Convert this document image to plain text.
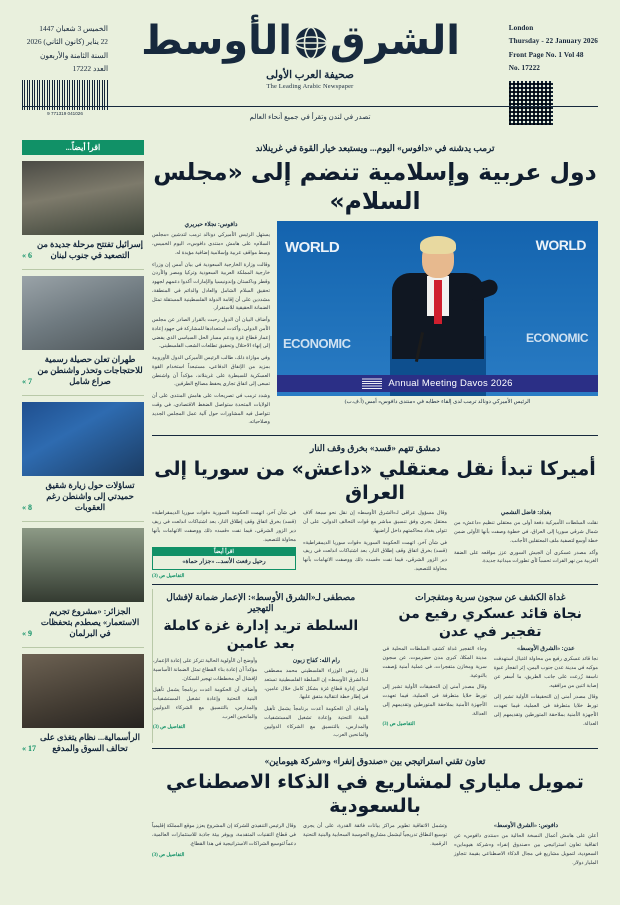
London
Thursday - 22 January 2026
Front Page No. 1 Vol 48
No. 17222
الخميس 3 شعبان 1447
22 يناير (كانون الثاني) 2026
السنة الثامنة والأربعون
العدد 17222
9 771319 041026
الشرقالأوسط
صحيفة العرب الأولى
The Leading Arabic Newspaper
تصدر في لندن وتقرأ في جميع أنحاء العالم
ترمب يدشنه في «دافوس» اليوم... ويستبعد خيار القوة في غرينلاند
دول عربية وإسلامية تنضم إلى «مجلس السلام»
WORLD
ECONOMIC
WORLD
ECONOMIC
Annual Meeting Davos 2026
الرئيس الأميركي دونالد ترمب لدى إلقاء خطابه في «منتدى دافوس» أمس (أ.ف.ب)
دافوس: نجلاء حبريري
يستهل الرئيس الأميركي دونالد ترمب لتدشين «مجلس السلام» على هامش «منتدى دافوس»، اليوم الخميس، وسط مواقف عربية وإسلامية إضافية مؤيدة له.
وقالت وزارة الخارجية السعودية في بيان أمس إن وزراء خارجية المملكة العربية السعودية وتركيا ومصر والأردن وقطر وباكستان وإندونيسيا والإمارات أكدوا دعمهم لجهود تحقيق السلام الشامل والعادل والدائم في المنطقة، مشددين على أن إقامة الدولة الفلسطينية المستقلة تمثل الضمانة الحقيقية للاستقرار.
وأضاف البيان أن الدول رحبت بالقرار الصادر عن مجلس الأمن الدولي، وأكدت استعدادها للمشاركة في جهود إعادة إعمار قطاع غزة ودعم مسار الحل السياسي الذي يفضي إلى إنهاء الاحتلال وتحقيق تطلعات الشعب الفلسطيني.
وفي موازاة ذلك، طالب الرئيس الأميركي الدول الأوروبية بمزيد من الإنفاق الدفاعي، مستبعداً استخدام القوة العسكرية للسيطرة على غرينلاند، مؤكداً أن واشنطن تسعى إلى اتفاق تجاري يحفظ مصالح الطرفين.
وشدد ترمب في تصريحات على هامش المنتدى على أن الولايات المتحدة ستواصل الضغط الاقتصادي، في وقت تتواصل فيه المشاورات حول آلية عمل المجلس الجديد وصلاحياته.
دمشق تتهم «قسد» بخرق وقف النار
أميركا تبدأ نقل معتقلي «داعش» من سوريا إلى العراق
بغداد: فاضل النشمي
نقلت السلطات الأميركية دفعة أولى من معتقلي تنظيم «داعش» من شمال شرقي سوريا إلى العراق، في خطوة وصفت بأنها الأولى ضمن خطة أوسع لتصفية ملف المعتقلين الأجانب.
وأكد مصدر عسكري أن الجيش السوري عزز مواقعه على الضفة الغربية من نهر الفرات تحسباً لأي تطورات ميدانية جديدة.
وقال مسؤول عراقي لـ«الشرق الأوسط» إن نقل نحو سبعة آلاف معتقل يجري وفق تنسيق مباشر مع قوات التحالف الدولي، على أن تتولى بغداد محاكمتهم داخل أراضيها.
في شأن آخر، اتهمت الحكومة السورية «قوات سوريا الديمقراطية» (قسد) بخرق اتفاق وقف إطلاق النار، بعد اشتباكات اندلعت في ريف دير الزور الشرقي، فيما نفت «قسد» ذلك ووصفت الاتهامات بأنها محاولة للتصعيد.
في شأن آخر، اتهمت الحكومة السورية «قوات سوريا الديمقراطية» (قسد) بخرق اتفاق وقف إطلاق النار، بعد اشتباكات اندلعت في ريف دير الزور الشرقي، فيما نفت «قسد» ذلك ووصفت الاتهامات بأنها محاولة للتصعيد.
اقرأ أيضاً
رحيل رفعت الأسد... «جزار حماة»
التفاصيل ص (3)
غداة الكشف عن سجون سرية ومتفجرات
نجاة قائد عسكري رفيع من تفجير في عدن
عدن: «الشرق الأوسط»
نجا قائد عسكري رفيع من محاولة اغتيال استهدفت موكبه في مدينة عدن جنوب اليمن، إثر انفجار عبوة ناسفة زُرعت على جانب الطريق، ما أسفر عن إصابة اثنين من مرافقيه.
وقال مصدر أمني إن التحقيقات الأولية تشير إلى تورط خلايا متطرفة في العملية، فيما تعهدت الأجهزة الأمنية بملاحقة المتورطين وتقديمهم إلى العدالة.
وجاء التفجير غداة كشف السلطات المحلية في مدينة المكلا، كبرى مدن حضرموت، عن سجون سرية ومخازن متفجرات، في عملية أمنية وُصفت بالنوعية.
وقال مصدر أمني إن التحقيقات الأولية تشير إلى تورط خلايا متطرفة في العملية، فيما تعهدت الأجهزة الأمنية بملاحقة المتورطين وتقديمهم إلى العدالة.
التفاصيل ص (3)
مصطفى لـ«الشرق الأوسط»: الإعمار ضمانة لإفشال التهجير
السلطة تريد إدارة غزة كاملة بعد عامين
رام الله: كفاح زبون
قال رئيس الوزراء الفلسطيني محمد مصطفى لـ«الشرق الأوسط» إن السلطة الفلسطينية تستعد لتولي إدارة قطاع غزة بشكل كامل خلال عامين، في إطار خطة انتقالية متفق عليها.
وأضاف أن الحكومة أعدت برنامجاً يشمل تأهيل البنية التحتية وإعادة تشغيل المستشفيات والمدارس، بالتنسيق مع الشركاء الدوليين والمانحين العرب.
وأوضح أن الأولوية الحالية تتركز على إعادة الإعمار، مؤكداً أن إعادة بناء القطاع تمثل الضمانة الأساسية لإفشال أي مخططات تهجير للسكان.
وأضاف أن الحكومة أعدت برنامجاً يشمل تأهيل البنية التحتية وإعادة تشغيل المستشفيات والمدارس، بالتنسيق مع الشركاء الدوليين والمانحين العرب.
التفاصيل ص (3)
تعاون تقني استراتيجي بين «صندوق إنفرا» و«شركة هيوماين»
تمويل ملياري لمشاريع في الذكاء الاصطناعي بالسعودية
دافوس: «الشرق الأوسط»
أعلن على هامش أعمال النسخة الحالية من «منتدى دافوس» عن اتفاقية تعاون استراتيجي بين «صندوق إنفرا» و«شركة هيوماين» السعودية، لتمويل مشاريع في مجال الذكاء الاصطناعي بقيمة تتجاوز المليار دولار.
وتشمل الاتفاقية تطوير مراكز بيانات فائقة القدرة، على أن يجري توسيع النطاق تدريجياً ليشمل مشاريع الحوسبة السحابية والبنية التحتية الرقمية.
وقال الرئيس التنفيذي للشركة إن المشروع يعزز موقع المملكة إقليمياً في قطاع التقنيات المتقدمة، ويوفر بيئة جاذبة للاستثمارات العالمية، دعماً لتوسيع الشراكات الاستراتيجية في هذا القطاع.
التفاصيل ص (3)
اقرأ أيضاً...
إسرائيل تفتتح مرحلة جديدة من التصعيد في جنوب لبنان
6 »
طهران تعلن حصيلة رسمية للاحتجاجات وتحذر واشنطن من صراع شامل
7 »
تساؤلات حول زيارة شقيق حميدتي إلى واشنطن رغم العقوبات
8 »
الجزائر: «مشروع تجريم الاستعمار» يصطدم بتحفظات في البرلمان
9 »
الرأسمالية... نظام يتغذى على تحالف السوق والمدفع
17 »
